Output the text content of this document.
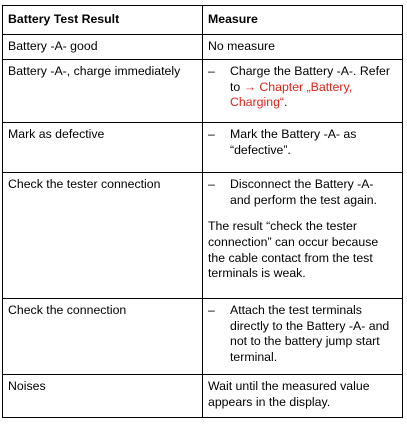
Battery Test Result	Measure
Battery -A- good	No measure
Battery -A-, charge immediately	– Charge the Battery -A-. Refer to → Chapter „Battery, Charging“.

Mark as defective	– Mark the Battery -A- as “defective”.

Check the tester connection	– Disconnect the Battery -A- and perform the test again.
The result “check the tester connection” can occur because the cable contact from the test terminals is weak.

Check the connection	– Attach the test terminals directly to the Battery -A- and not to the battery jump start terminal.

Noises	Wait until the measured value appears in the display.
